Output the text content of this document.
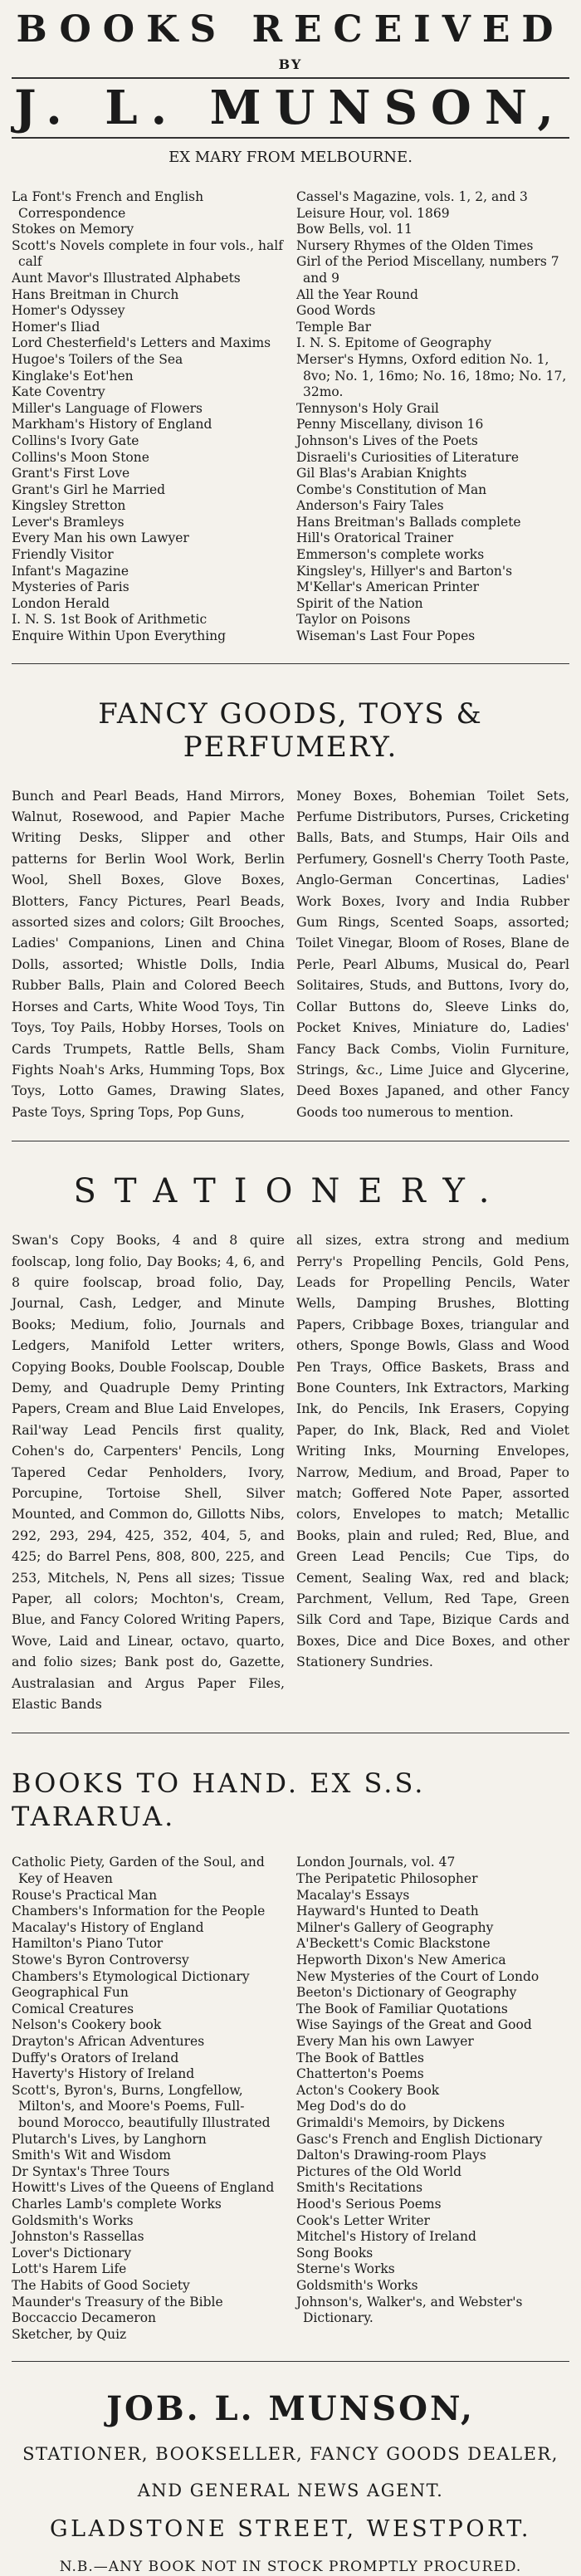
BOOKS RECEIVED
BY
J. L. MUNSON,
EX MARY FROM MELBOURNE.
La Font's French and English Correspondence
Stokes on Memory
Scott's Novels complete in four vols., half calf
Aunt Mavor's Illustrated Alphabets
Hans Breitman in Church
Homer's Odyssey
Homer's Iliad
Lord Chesterfield's Letters and Maxims
Hugoe's Toilers of the Sea
Kinglake's Eot'hen
Kate Coventry
Miller's Language of Flowers
Markham's History of England
Collins's Ivory Gate
Collins's Moon Stone
Grant's First Love
Grant's Girl he Married
Kingsley Stretton
Lever's Bramleys
Every Man his own Lawyer
Friendly Visitor
Infant's Magazine
Mysteries of Paris
London Herald
I. N. S. 1st Book of Arithmetic
Enquire Within Upon Everything
Cassel's Magazine, vols. 1, 2, and 3
Leisure Hour, vol. 1869
Bow Bells, vol. 11
Nursery Rhymes of the Olden Times
Girl of the Period Miscellany, numbers 7 and 9
All the Year Round
Good Words
Temple Bar
I. N. S. Epitome of Geography
Merser's Hymns, Oxford edition No. 1, 8vo; No. 1, 16mo; No. 16, 18mo; No. 17, 32mo.
Tennyson's Holy Grail
Penny Miscellany, divison 16
Johnson's Lives of the Poets
Disraeli's Curiosities of Literature
Gil Blas's Arabian Knights
Combe's Constitution of Man
Anderson's Fairy Tales
Hans Breitman's Ballads complete
Hill's Oratorical Trainer
Emmerson's complete works
Kingsley's, Hillyer's and Barton's
M'Kellar's American Printer
Spirit of the Nation
Taylor on Poisons
Wiseman's Last Four Popes
FANCY GOODS, TOYS & PERFUMERY.

Bunch and Pearl Beads, Hand Mirrors, Walnut, Rosewood, and Papier Mache Writing Desks, Slipper and other patterns for Berlin Wool Work, Berlin Wool, Shell Boxes, Glove Boxes, Blotters, Fancy Pictures, Pearl Beads, assorted sizes and colors; Gilt Brooches, Ladies' Companions, Linen and China Dolls, assorted; Whistle Dolls, India Rubber Balls, Plain and Colored Beech Horses and Carts, White Wood Toys, Tin Toys, Toy Pails, Hobby Horses, Tools on Cards Trumpets, Rattle Bells, Sham Fights Noah's Arks, Humming Tops, Box Toys, Lotto Games, Drawing Slates, Paste Toys, Spring Tops, Pop Guns,

Money Boxes, Bohemian Toilet Sets, Perfume Distributors, Purses, Cricketing Balls, Bats, and Stumps, Hair Oils and Perfumery, Gosnell's Cherry Tooth Paste, Anglo-German Concertinas, Ladies' Work Boxes, Ivory and India Rubber Gum Rings, Scented Soaps, assorted; Toilet Vinegar, Bloom of Roses, Blane de Perle, Pearl Albums, Musical do, Pearl Solitaires, Studs, and Buttons, Ivory do, Collar Buttons do, Sleeve Links do, Pocket Knives, Miniature do, Ladies' Fancy Back Combs, Violin Furniture, Strings, &c., Lime Juice and Glycerine, Deed Boxes Japaned, and other Fancy Goods too numerous to mention.

STATIONERY.

Swan's Copy Books, 4 and 8 quire foolscap, long folio, Day Books; 4, 6, and 8 quire foolscap, broad folio, Day, Journal, Cash, Ledger, and Minute Books; Medium, folio, Journals and Ledgers, Manifold Letter writers, Copying Books, Double Foolscap, Double Demy, and Quadruple Demy Printing Papers, Cream and Blue Laid Envelopes, Rail'way Lead Pencils first quality, Cohen's do, Carpenters' Pencils, Long Tapered Cedar Penholders, Ivory, Porcupine, Tortoise Shell, Silver Mounted, and Common do, Gillotts Nibs, 292, 293, 294, 425, 352, 404, 5, and 425; do Barrel Pens, 808, 800, 225, and 253, Mitchels, N, Pens all sizes; Tissue Paper, all colors; Mochton's, Cream, Blue, and Fancy Colored Writing Papers, Wove, Laid and Linear, octavo, quarto, and folio sizes; Bank post do, Gazette, Australasian and Argus Paper Files, Elastic Bands

all sizes, extra strong and medium Perry's Propelling Pencils, Gold Pens, Leads for Propelling Pencils, Water Wells, Damping Brushes, Blotting Papers, Cribbage Boxes, triangular and others, Sponge Bowls, Glass and Wood Pen Trays, Office Baskets, Brass and Bone Counters, Ink Extractors, Marking Ink, do Pencils, Ink Erasers, Copying Paper, do Ink, Black, Red and Violet Writing Inks, Mourning Envelopes, Narrow, Medium, and Broad, Paper to match; Goffered Note Paper, assorted colors, Envelopes to match; Metallic Books, plain and ruled; Red, Blue, and Green Lead Pencils; Cue Tips, do Cement, Sealing Wax, red and black; Parchment, Vellum, Red Tape, Green Silk Cord and Tape, Bizique Cards and Boxes, Dice and Dice Boxes, and other Stationery Sundries.

BOOKS TO HAND. EX S.S. TARARUA.
Catholic Piety, Garden of the Soul, and Key of Heaven
Rouse's Practical Man
Chambers's Information for the People
Macalay's History of England
Hamilton's Piano Tutor
Stowe's Byron Controversy
Chambers's Etymological Dictionary
Geographical Fun
Comical Creatures
Nelson's Cookery book
Drayton's African Adventures
Duffy's Orators of Ireland
Haverty's History of Ireland
Scott's, Byron's, Burns, Longfellow, Milton's, and Moore's Poems, Full-bound Morocco, beautifully Illustrated
Plutarch's Lives, by Langhorn
Smith's Wit and Wisdom
Dr Syntax's Three Tours
Howitt's Lives of the Queens of England
Charles Lamb's complete Works
Goldsmith's Works
Johnston's Rassellas
Lover's Dictionary
Lott's Harem Life
The Habits of Good Society
Maunder's Treasury of the Bible
Boccaccio Decameron
Sketcher, by Quiz
London Journals, vol. 47
The Peripatetic Philosopher
Macalay's Essays
Hayward's Hunted to Death
Milner's Gallery of Geography
A'Beckett's Comic Blackstone
Hepworth Dixon's New America
New Mysteries of the Court of Londo
Beeton's Dictionary of Geography
The Book of Familiar Quotations
Wise Sayings of the Great and Good
Every Man his own Lawyer
The Book of Battles
Chatterton's Poems
Acton's Cookery Book
Meg Dod's do do
Grimaldi's Memoirs, by Dickens
Gasc's French and English Dictionary
Dalton's Drawing-room Plays
Pictures of the Old World
Smith's Recitations
Hood's Serious Poems
Cook's Letter Writer
Mitchel's History of Ireland
Song Books
Sterne's Works
Goldsmith's Works
Johnson's, Walker's, and Webster's Dictionary.
JOB. L. MUNSON,
STATIONER, BOOKSELLER, FANCY GOODS DEALER,
AND GENERAL NEWS AGENT.
GLADSTONE STREET, WESTPORT.
N.B.—ANY BOOK NOT IN STOCK PROMPTLY PROCURED.
